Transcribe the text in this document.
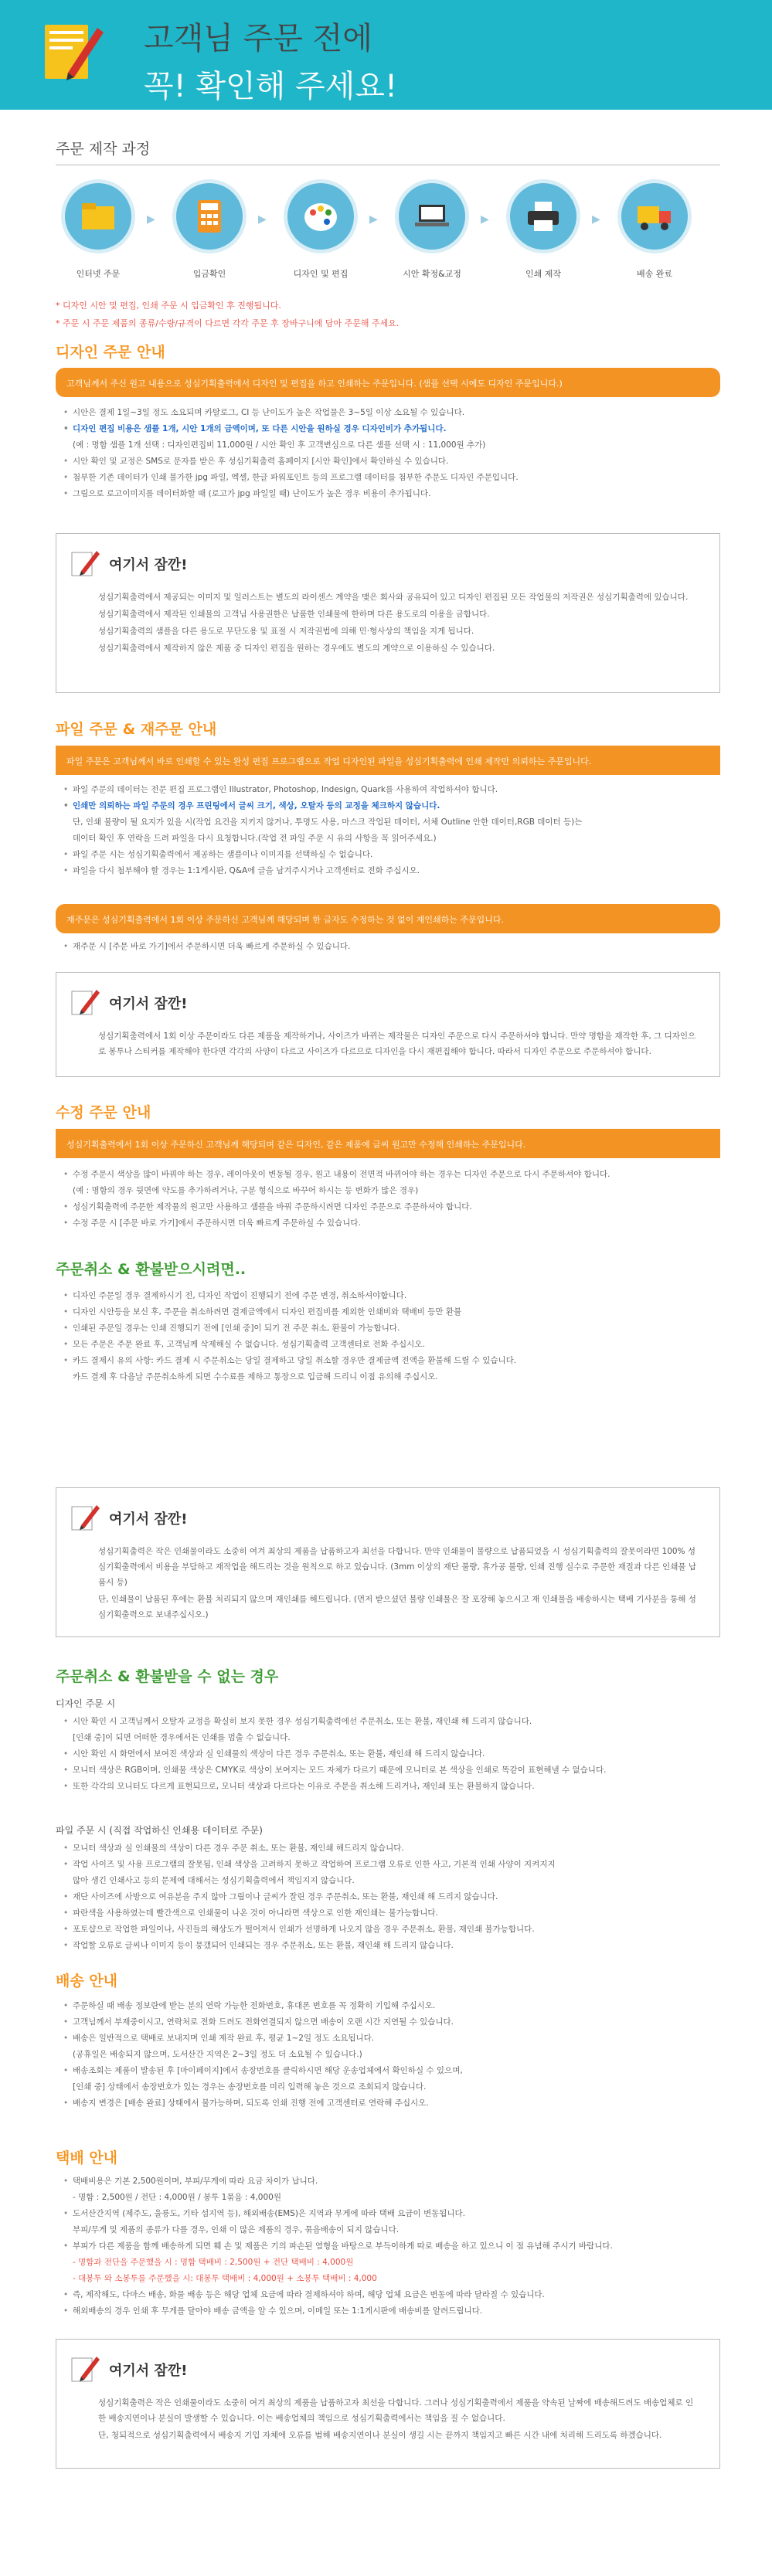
고객님 주문 전에
꼭! 확인해 주세요!
주문 제작 과정
인터넷 주문
▶
입금확인
▶
디자인 및 편집
▶
시안 확정&교정
▶
인쇄 제작
▶
배송 완료
* 디자인 시안 및 편집, 인쇄 주문 시 입금확인 후 진행됩니다.
* 주문 시 주문 제품의 종류/수량/규격이 다르면 각각 주문 후 장바구니에 담아 주문해 주세요.
디자인 주문 안내
고객님께서 주신 원고 내용으로 성심기획출력에서 디자인 및 편집을 하고 인쇄하는 주문입니다. (샘플 선택 시에도 디자인 주문입니다.)
• 시안은 결제 1일~3일 정도 소요되며 카탈로그, CI 등 난이도가 높은 작업물은 3~5일 이상 소요될 수 있습니다.
• 디자인 편집 비용은 샘플 1개, 시안 1개의 금액이며, 또 다른 시안을 원하실 경우 디자인비가 추가됩니다.
(예 : 명함 샘플 1개 선택 : 디자인편집비 11,000원 / 시안 확인 후 고객변심으로 다른 샘플 선택 시 : 11,000원 추가)
• 시안 확인 및 교정은 SMS로 문자를 받은 후 성심기획출력 홈페이지 [시안 확인]에서 확인하실 수 있습니다.
• 첨부한 기존 데이터가 인쇄 불가한 jpg 파일, 엑셀, 한글 파워포인트 등의 프로그램 데이터를 첨부한 주문도 디자인 주문입니다.
• 그림으로 로고이미지를 데이터화할 때 (로고가 jpg 파일일 때) 난이도가 높은 경우 비용이 추가됩니다.
여기서 잠깐!

성심기획출력에서 제공되는 이미지 및 일러스트는 별도의 라이센스 계약을 맺은 회사와 공유되어 있고 디자인 편집된 모든 작업물의 저작권은 성심기획출력에 있습니다.

성심기획출력에서 제작된 인쇄물의 고객님 사용권한은 납품한 인쇄물에 한하며 다른 용도로의 이용을 금합니다.

성심기획출력의 샘플을 다른 용도로 무단도용 및 표절 시 저작권법에 의해 민·형사상의 책임을 지게 됩니다.

성심기획출력에서 제작하지 않은 제품 중 디자인 편집을 원하는 경우에도 별도의 계약으로 이용하실 수 있습니다.

파일 주문 & 재주문 안내
파일 주문은 고객님께서 바로 인쇄할 수 있는 완성 편집 프로그램으로 작업 디자인된 파일을 성심기획출력에 인쇄 제작만 의뢰하는 주문입니다.
• 파일 주문의 데이터는 전문 편집 프로그램인 Illustrator, Photoshop, Indesign, Quark를 사용하여 작업하셔야 합니다.
• 인쇄만 의뢰하는 파일 주문의 경우 프린팅에서 글씨 크기, 색상, 오탈자 등의 교정을 체크하지 않습니다.
단, 인쇄 불량이 될 요지가 있을 시(작업 요건을 지키지 않거나, 투명도 사용, 마스크 작업된 데이터, 서체 Outline 안한 데이터,RGB 데이터 등)는
데이터 확인 후 연락을 드려 파일을 다시 요청합니다.(작업 전 파일 주문 시 유의 사항을 꼭 읽어주세요.)
• 파일 주문 시는 성심기획출력에서 제공하는 샘플이나 이미지를 선택하실 수 없습니다.
• 파일을 다시 첨부해야 할 경우는 1:1게시판, Q&A에 글을 남겨주시거나 고객센터로 전화 주십시오.
재주문은 성심기획출력에서 1회 이상 주문하신 고객님께 해당되며 한 글자도 수정하는 것 없이 재인쇄하는 주문입니다.
• 재주문 시 [주문 바로 가기]에서 주문하시면 더욱 빠르게 주문하실 수 있습니다.
여기서 잠깐!

성심기획출력에서 1회 이상 주문이라도 다른 제품을 제작하거나, 사이즈가 바뀌는 제작물은 디자인 주문으로 다시 주문하셔야 합니다. 만약 명함을 재작한 후, 그 디자인으로 봉투나 스티커를 제작해야 한다면 각각의 사양이 다르고 사이즈가 다르므로 디자인을 다시 재편집해야 합니다. 따라서 디자인 주문으로 주문하셔야 합니다.

수정 주문 안내
성심기획출력에서 1회 이상 주문하신 고객님께 해당되며 같은 디자인, 같은 제품에 글씨 원고만 수정해 인쇄하는 주문입니다.
• 수정 주문시 색상을 많이 바꿔야 하는 경우, 레이아웃이 변동될 경우, 원고 내용이 전면적 바뀌어야 하는 경우는 디자인 주문으로 다시 주문하셔야 합니다.
(예 : 명함의 경우 뒷면에 약도를 추가하려거나, 구분 형식으로 바꾸어 하시는 등 변화가 많은 경우)
• 성심기획출력에 주문한 제작물의 원고만 사용하고 샘플을 바꿔 주문하시려면 디자인 주문으로 주문하셔야 합니다.
• 수정 주문 시 [주문 바로 가기]에서 주문하시면 더욱 빠르게 주문하실 수 있습니다.
주문취소 & 환불받으시려면..
• 디자인 주문일 경우 결제하시기 전, 디자인 작업이 진행되기 전에 주문 변경, 취소하셔야합니다.
• 디자인 시안등을 보신 후, 주문을 취소하려면 결제금액에서 디자인 편집비를 제외한 인쇄비와 택배비 등만 환불
• 인쇄된 주문일 경우는 인쇄 진행되기 전에 [인쇄 중]이 되기 전 주문 취소, 환불이 가능합니다.
• 모든 주문은 주문 완료 후, 고객님께 삭제해실 수 없습니다. 성심기획출력 고객센터로 전화 주십시오.
• 카드 결제시 유의 사항: 카드 결제 시 주문취소는 당일 결제하고 당일 취소할 경우만 결제금액 전액을 환불해 드릴 수 있습니다.
카드 결제 후 다음날 주문취소하게 되면 수수료를 제하고 통장으로 입금해 드리니 이점 유의해 주십시오.
여기서 잠깐!

성심기획출력은 작은 인쇄물이라도 소중히 여겨 최상의 제품을 납품하고자 최선을 다합니다. 만약 인쇄물이 불량으로 납품되었을 시 성심기획출력의 잘못이라면 100% 성심기획출력에서 비용을 부담하고 재작업을 해드리는 것을 원칙으로 하고 있습니다. (3mm 이상의 재단 불량, 휴가공 불량, 인쇄 진행 실수로 주문한 재질과 다른 인쇄물 납품시 등)

단, 인쇄물이 납품된 후에는 환불 처리되지 않으며 재인쇄를 해드립니다. (먼저 받으셨던 불량 인쇄물은 잘 포장해 놓으시고 재 인쇄물을 배송하시는 택배 기사분을 통해 성심기획출력으로 보내주십시오.)

주문취소 & 환불받을 수 없는 경우
디자인 주문 시
• 시안 확인 시 고객님께서 오탈자 교정을 확실히 보지 못한 경우 성심기획출력에선 주문취소, 또는 환불, 재인쇄 해 드리지 않습니다.
[인쇄 중]이 되면 어떠한 경우에서든 인쇄를 멈출 수 없습니다.
• 시안 확인 시 화면에서 보여진 색상과 실 인쇄물의 색상이 다른 경우 주문취소, 또는 환불, 재인쇄 해 드리지 않습니다.
• 모니터 색상은 RGB이며, 인쇄물 색상은 CMYK로 색상이 보여지는 모드 자체가 다르기 때문에 모니터로 본 색상을 인쇄로 똑같이 표현해낼 수 없습니다.
• 또한 각각의 모니터도 다르게 표현되므로, 모니터 색상과 다르다는 이유로 주문을 취소해 드리거나, 재인쇄 또는 환불하지 않습니다.
파일 주문 시 (직접 작업하신 인쇄용 데이터로 주문)
• 모니터 색상과 실 인쇄물의 색상이 다른 경우 주문 취소, 또는 환불, 재인쇄 해드리지 않습니다.
• 작업 사이즈 및 사용 프로그램의 잘못됨, 인쇄 색상을 고려하지 못하고 작업하여 프로그램 오류로 인한 사고, 기본적 인쇄 사양이 지켜지지
않아 생긴 인쇄사고 등의 문제에 대해서는 성심기획출력에서 책임지지 않습니다.
• 재단 사이즈에 사방으로 여유분을 주지 않아 그림이나 글씨가 잘린 경우 주문취소, 또는 환불, 재인쇄 해 드리지 않습니다.
• 파란색을 사용하였는데 빨간색으로 인쇄물이 나온 것이 아니라면 색상으로 인한 재인쇄는 불가능합니다.
• 포토샵으로 작업한 파일이나, 사진들의 해상도가 떨어져서 인쇄가 선명하게 나오지 않을 경우 주문취소, 환불, 재인쇄 불가능합니다.
• 작업할 오류로 글씨나 이미지 등이 뭉갰되어 인쇄되는 경우 주문취소, 또는 환불, 재인쇄 해 드리지 않습니다.
배송 안내
• 주문하실 때 배송 정보란에 받는 분의 연락 가능한 전화번호, 휴대폰 번호를 꼭 정확히 기입해 주십시오.
• 고객님께서 부재중이시고, 연락처로 전화 드려도 전화연결되지 않으면 배송이 오랜 시간 지연될 수 있습니다.
• 배송은 일반적으로 택배로 보내지며 인쇄 제작 완료 후, 평균 1~2일 정도 소요됩니다.
(공휴일은 배송되지 않으며, 도서산간 지역은 2~3일 정도 더 소요될 수 있습니다.)
• 배송조회는 제품이 발송된 후 [마이페이지]에서 송장번호를 클릭하시면 해당 운송업체에서 확인하실 수 있으며,
[인쇄 중] 상태에서 송장번호가 있는 경우는 송장번호를 미리 입력해 놓은 것으로 조회되지 않습니다.
• 배송지 변경은 [배송 완료] 상태에서 불가능하며, 되도록 인쇄 진행 전에 고객센터로 연락해 주십시오.
택배 안내
• 택배비용은 기본 2,500원이며, 부피/무게에 따라 요금 차이가 납니다.
- 명함 : 2,500원 / 전단 : 4,000원 / 봉투 1묶음 : 4,000원
• 도서산간지역 (제주도, 울릉도, 기타 섬지역 등), 해외배송(EMS)은 지역과 무게에 따라 택배 요금이 변동됩니다.
부피/무게 및 제품의 종류가 다를 경우, 인쇄 이 많은 제품의 경우, 묶음배송이 되지 않습니다.
• 부피가 다른 제품을 함께 배송하게 되면 훼 손 및 제품은 기의 파손된 염형을 바탕으로 부득이하게 따로 배송을 하고 있으니 이 점 유념해 주시기 바랍니다.
- 명함과 전단을 주문했을 시 : 명함 택배비 : 2,500원 + 전단 택배비 : 4,000원
- 대봉투 와 소봉투를 주문했을 시: 대봉투 택배비 : 4,000원 + 소봉투 택배비 : 4,000
• 즉, 제작해도, 다마스 배송, 화물 배송 등은 해당 업체 요금에 따라 결제하셔야 하며, 해당 업체 요금은 변동에 따라 달라질 수 있습니다.
• 해외배송의 경우 인쇄 후 무게를 달아야 배송 금액을 알 수 있으며, 이메일 또는 1:1게시판에 배송비를 알려드립니다.
여기서 잠깐!

성심기획출력은 작은 인쇄물이라도 소중히 여겨 최상의 제품을 납품하고자 최선을 다합니다. 그러나 성심기획출력에서 제품을 약속된 날짜에 배송해드려도 배송업체로 인한 배송지연이나 분실이 발생할 수 있습니다. 이는 배송업체의 책임으로 성심기획출력에서는 책임을 질 수 없습니다.

단, 청되적으로 성심기획출력에서 배송지 기입 자체에 오류를 범해 배송지연이나 분실이 생길 시는 끝까지 책임지고 빠른 시간 내에 처리해 드리도록 하겠습니다.
